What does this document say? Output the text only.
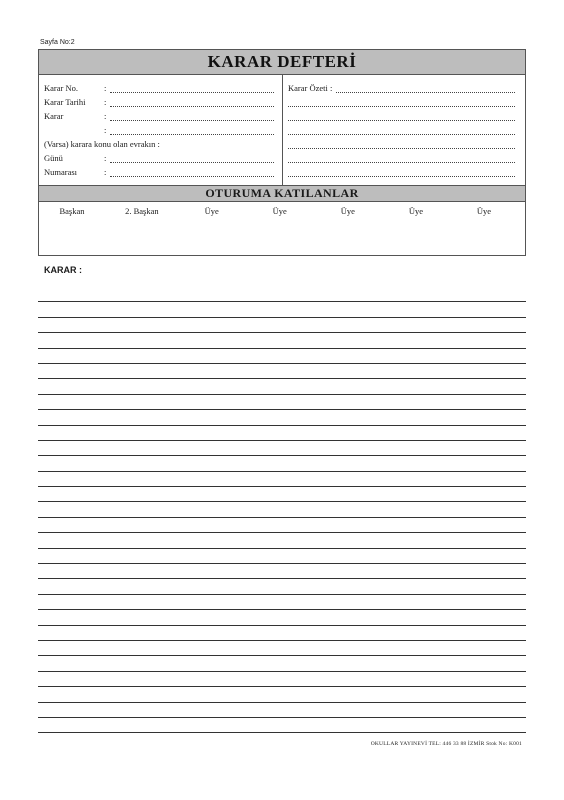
Sayfa No:2
KARAR DEFTERİ
Karar No.	:
Karar Tarihi	:
Karar	:
:
(Varsa) karara konu olan evrakın :
Günü	:
Numarası	:
Karar Özeti :
OTURUMA KATILANLAR
Başkan	2. Başkan	Üye	Üye	Üye	Üye	Üye
KARAR :
OKULLAR YAYINEVİ TEL: 446 33 88 İZMİR Stok No: K001
